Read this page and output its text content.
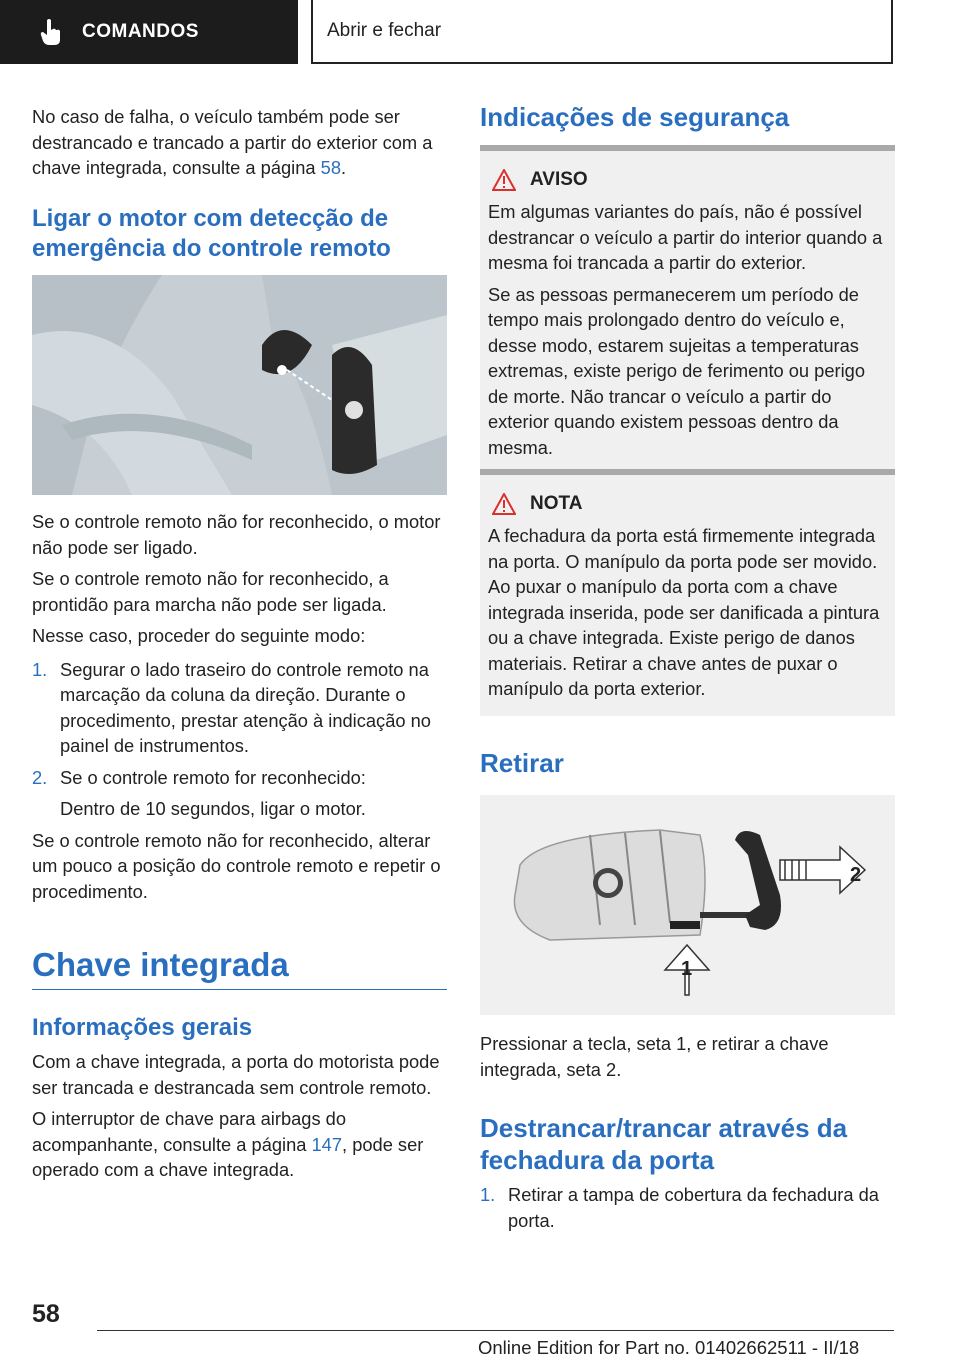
COMANDOS	Abrir e fechar

No caso de falha, o veículo também pode ser destrancado e trancado a partir do exterior com a chave integrada, consulte a página 58.

Ligar o motor com detecção de emergência do controle remoto

Se o controle remoto não for reconhecido, o motor não pode ser ligado.

Se o controle remoto não for reconhecido, a prontidão para marcha não pode ser ligada.

Nesse caso, proceder do seguinte modo:

1. Segurar o lado traseiro do controle remoto na marcação da coluna da direção. Durante o procedimento, prestar atenção à indicação no painel de instrumentos.
2. Se o controle remoto for reconhecido:

Dentro de 10 segundos, ligar o motor.

Se o controle remoto não for reconhecido, alterar um pouco a posição do controle remoto e repetir o procedimento.

Chave integrada
Informações gerais

Com a chave integrada, a porta do motorista pode ser trancada e destrancada sem controle remoto.

O interruptor de chave para airbags do acompanhante, consulte a página 147, pode ser operado com a chave integrada.

Indicações de segurança
AVISO

Em algumas variantes do país, não é possível destrancar o veículo a partir do interior quando a mesma foi trancada a partir do exterior.

Se as pessoas permanecerem um período de tempo mais prolongado dentro do veículo e, desse modo, estarem sujeitas a temperaturas extremas, existe perigo de ferimento ou perigo de morte. Não trancar o veículo a partir do exterior quando existem pessoas dentro da mesma.

NOTA

A fechadura da porta está firmemente integrada na porta. O manípulo da porta pode ser movido. Ao puxar o manípulo da porta com a chave integrada inserida, pode ser danificada a pintura ou a chave integrada. Existe perigo de danos materiais. Retirar a chave antes de puxar o manípulo da porta exterior.

Retirar
2
1

Pressionar a tecla, seta 1, e retirar a chave integrada, seta 2.

Destrancar/trancar através da fechadura da porta
1. Retirar a tampa de cobertura da fechadura da porta.
58
Online Edition for Part no. 01402662511 - II/18
